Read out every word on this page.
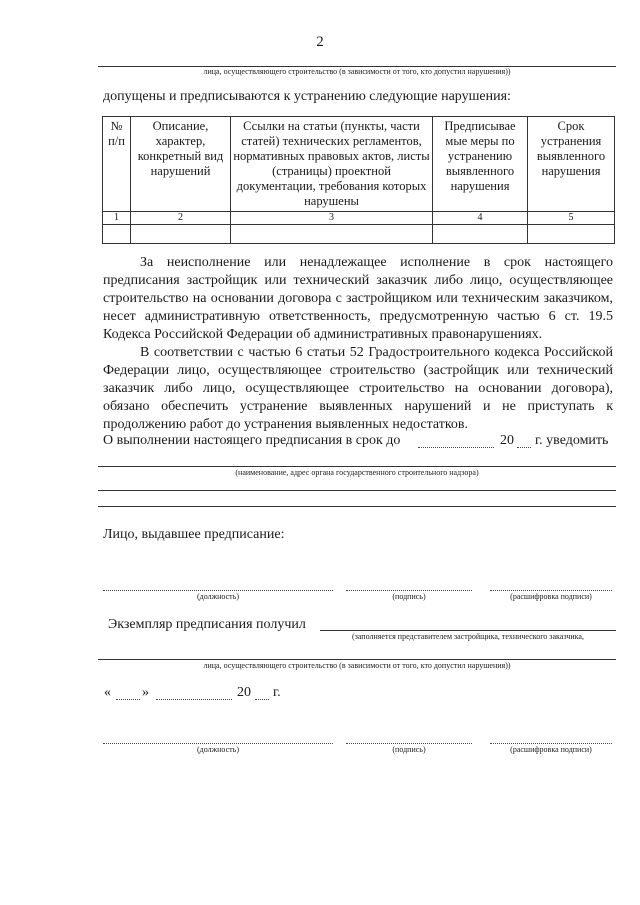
2
лица, осуществляющего строительство (в зависимости от того, кто допустил нарушения))
допущены и предписываются к устранению следующие нарушения:
№ п/п	Описание, характер, конкретный вид нарушений	Ссылки на статьи (пункты, части статей) технических регламентов, нормативных правовых актов, листы (страницы) проектной документации, требования которых нарушены	Предписывае мые меры по устранению выявленного нарушения	Срок устранения выявленного нарушения
1	2	3	4	5

За неисполнение или ненадлежащее исполнение в срок настоящего
предписания застройщик или технический заказчик либо лицо, осуществляющее
строительство на основании договора с застройщиком или техническим заказчиком,
несет административную ответственность, предусмотренную частью 6 ст. 19.5
Кодекса Российской Федерации об административных правонарушениях.
В соответствии с частью 6 статьи 52 Градостроительного кодекса Российской
Федерации лицо, осуществляющее строительство (застройщик или технический
заказчик либо лицо, осуществляющее строительство на основании договора),
обязано обеспечить устранение выявленных нарушений и не приступать к
продолжению работ до устранения выявленных недостатков.
О выполнении настоящего предписания в срок до	20 г. уведомить
(наименование, адрес органа государственного строительного надзора)
Лицо, выдавшее предписание:
(должность)	(подпись)	(расшифровка подписи)
Экземпляр предписания получил
(заполняется представителем застройщика, технического заказчика,
лица, осуществляющего строительство (в зависимости от того, кто допустил нарушения))
« »	20 г.
(должность)	(подпись)	(расшифровка подписи)
